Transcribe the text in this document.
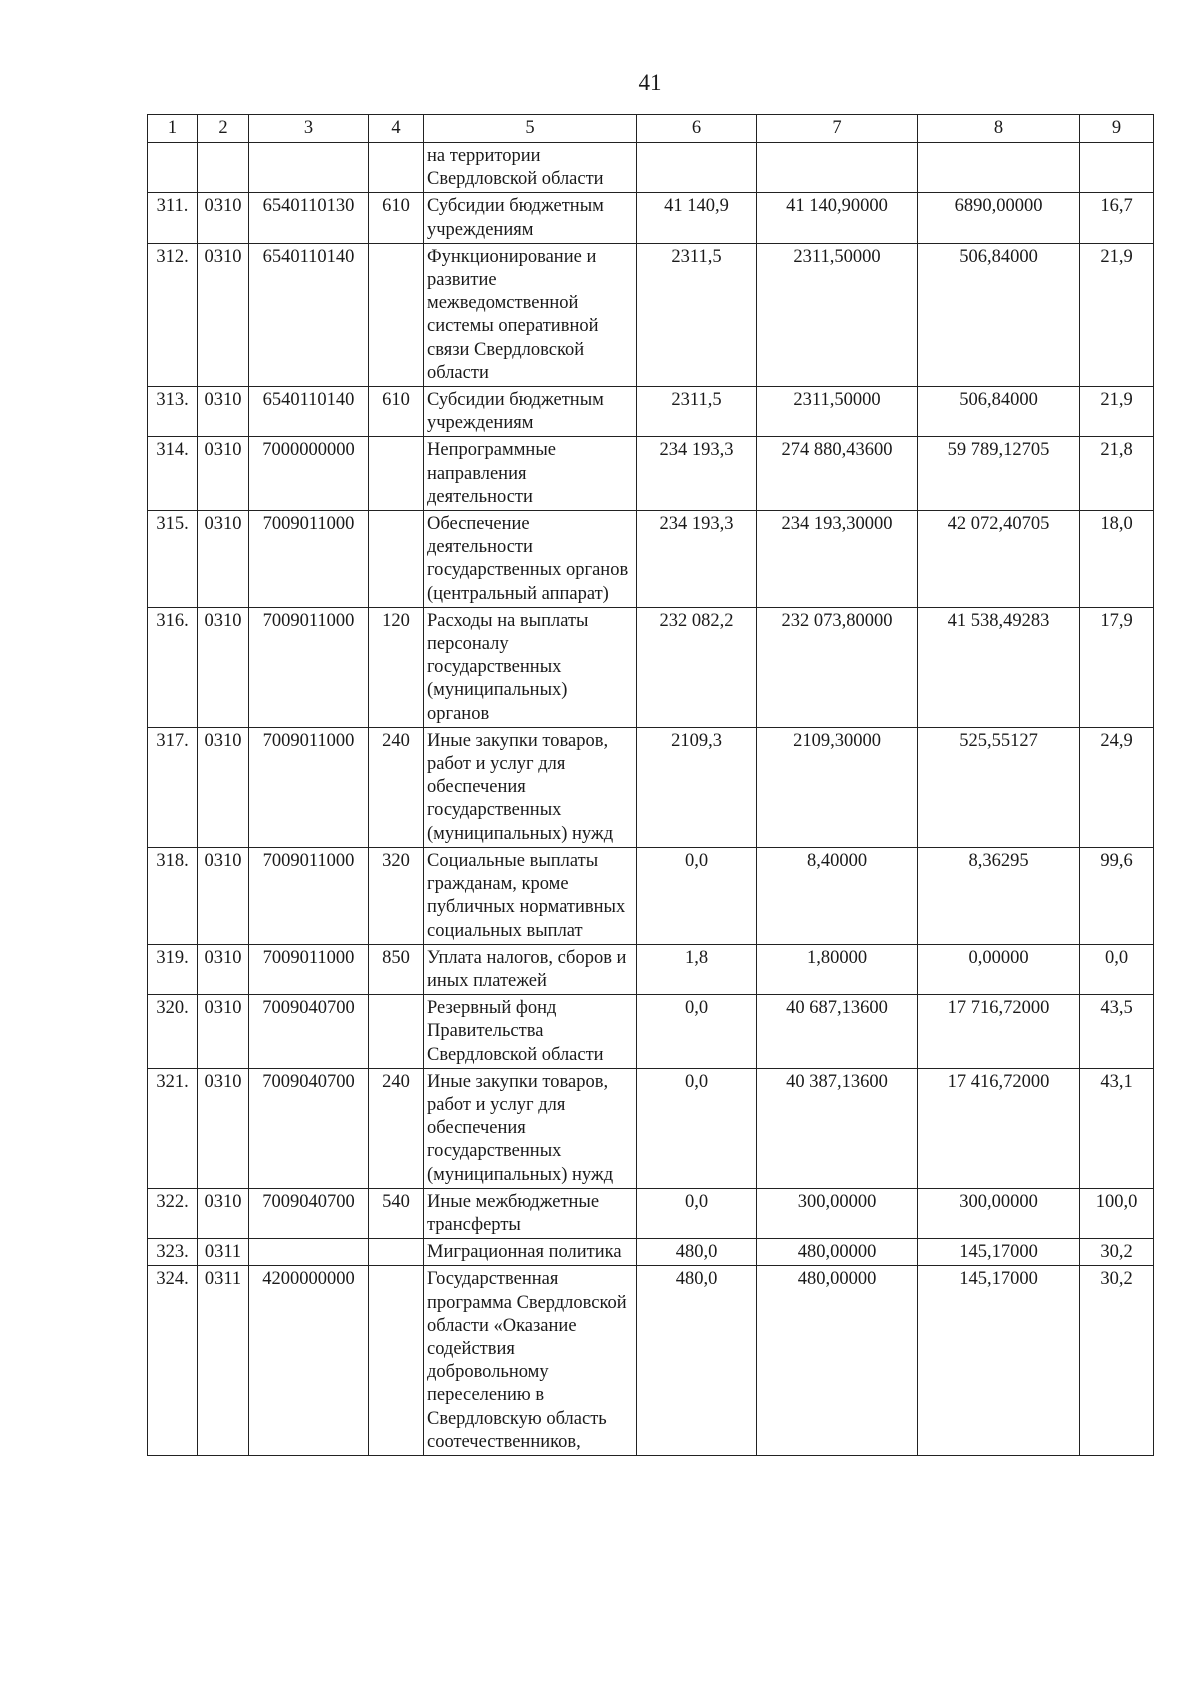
41
1	2	3	4	5	6	7	8	9
				на территории Свердловской области				
311.	0310	6540110130	610	Субсидии бюджетным учреждениям	41 140,9	41 140,90000	6890,00000	16,7
312.	0310	6540110140		Функционирование и развитие межведомственной системы оперативной связи Свердловской области	2311,5	2311,50000	506,84000	21,9
313.	0310	6540110140	610	Субсидии бюджетным учреждениям	2311,5	2311,50000	506,84000	21,9
314.	0310	7000000000		Непрограммные направления деятельности	234 193,3	274 880,43600	59 789,12705	21,8
315.	0310	7009011000		Обеспечение деятельности государственных органов (центральный аппарат)	234 193,3	234 193,30000	42 072,40705	18,0
316.	0310	7009011000	120	Расходы на выплаты персоналу государственных (муниципальных) органов	232 082,2	232 073,80000	41 538,49283	17,9
317.	0310	7009011000	240	Иные закупки товаров, работ и услуг для обеспечения государственных (муниципальных) нужд	2109,3	2109,30000	525,55127	24,9
318.	0310	7009011000	320	Социальные выплаты гражданам, кроме публичных нормативных социальных выплат	0,0	8,40000	8,36295	99,6
319.	0310	7009011000	850	Уплата налогов, сборов и иных платежей	1,8	1,80000	0,00000	0,0
320.	0310	7009040700		Резервный фонд Правительства Свердловской области	0,0	40 687,13600	17 716,72000	43,5
321.	0310	7009040700	240	Иные закупки товаров, работ и услуг для обеспечения государственных (муниципальных) нужд	0,0	40 387,13600	17 416,72000	43,1
322.	0310	7009040700	540	Иные межбюджетные трансферты	0,0	300,00000	300,00000	100,0
323.	0311			Миграционная политика	480,0	480,00000	145,17000	30,2
324.	0311	4200000000		Государственная программа Свердловской области «Оказание содействия добровольному переселению в Свердловскую область соотечественников,	480,0	480,00000	145,17000	30,2
